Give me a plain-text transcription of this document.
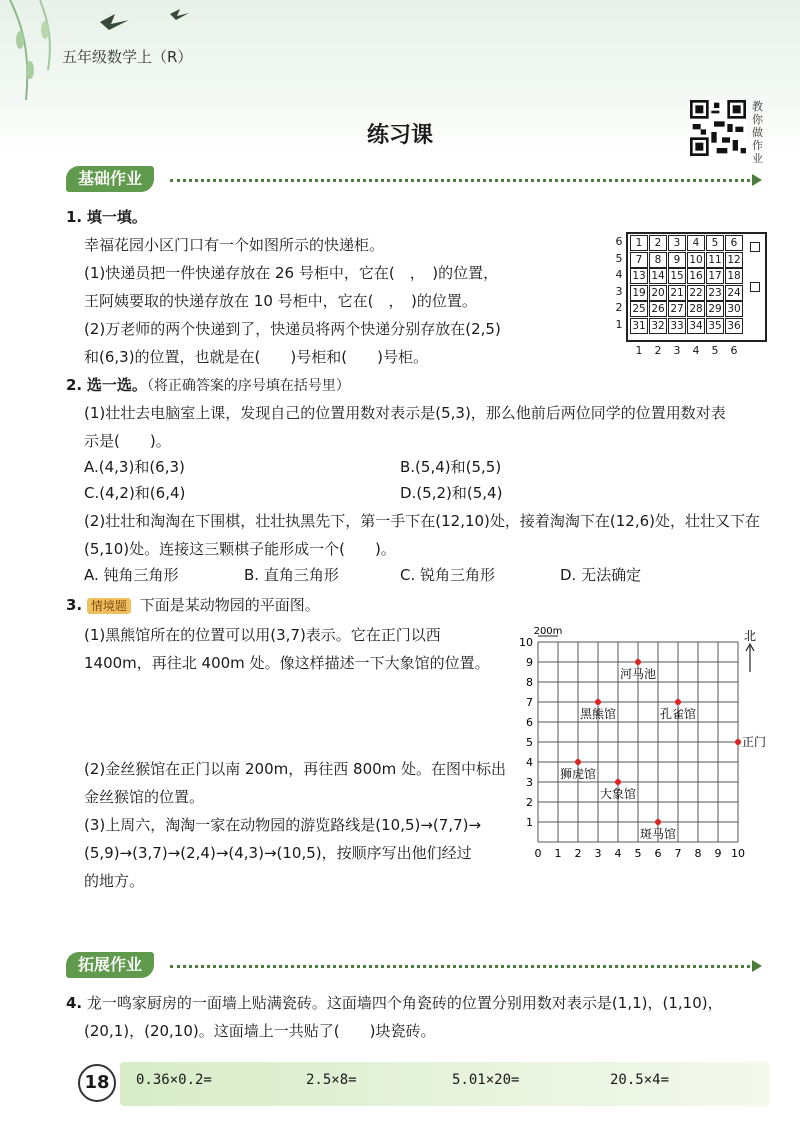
五年级数学上（R）
练习课
教你做作业
基础作业
1. 填一填。
幸福花园小区门口有一个如图所示的快递柜。
(1)快递员把一件快递存放在 26 号柜中，它在(　，　)的位置，
王阿姨要取的快递存放在 10 号柜中，它在(　，　)的位置。
(2)万老师的两个快递到了，快递员将两个快递分别存放在(2,5)
和(6,3)的位置，也就是在(　　)号柜和(　　)号柜。
6	1	2	3	4	5	6
5	7	8	9 10 11 12
4 13 14 15 16 17 18
3 19 20 21 22 23 24
2 25 26 27 28 29 30
1 31 32 33 34 35 36
1 2 3 4 5 6
2. 选一选。（将正确答案的序号填在括号里）
(1)壮壮去电脑室上课，发现自己的位置用数对表示是(5,3)，那么他前后两位同学的位置用数对表
示是(　　)。
A.(4,3)和(6,3)	B.(5,4)和(5,5)
C.(4,2)和(6,4)	D.(5,2)和(5,4)
(2)壮壮和淘淘在下围棋，壮壮执黑先下，第一手下在(12,10)处，接着淘淘下在(12,6)处，壮壮又下在
(5,10)处。连接这三颗棋子能形成一个(　　)。
A. 钝角三角形	B. 直角三角形	C. 锐角三角形	D. 无法确定
3. 情境题 下面是某动物园的平面图。
(1)黑熊馆所在的位置可以用(3,7)表示。它在正门以西
1400m，再往北 400m 处。像这样描述一下大象馆的位置。
(2)金丝猴馆在正门以南 200m，再往西 800m 处。在图中标出
金丝猴馆的位置。
(3)上周六，淘淘一家在动物园的游览路线是(10,5)→(7,7)→
(5,9)→(3,7)→(2,4)→(4,3)→(10,5)，按顺序写出他们经过
的地方。
0 1 2 3 4 5 6 7 8 9 10
1
2
3
4
5
6
7
8
9
10
200m	北
河马池
黑熊馆	孔雀馆
正门
狮虎馆
大象馆
斑马馆
拓展作业
4. 龙一鸣家厨房的一面墙上贴满瓷砖。这面墙四个角瓷砖的位置分别用数对表示是(1,1)，(1,10)，
(20,1)，(20,10)。这面墙上一共贴了(　　)块瓷砖。
18	0.36×0.2=	2.5×8=	5.01×20=	20.5×4=
